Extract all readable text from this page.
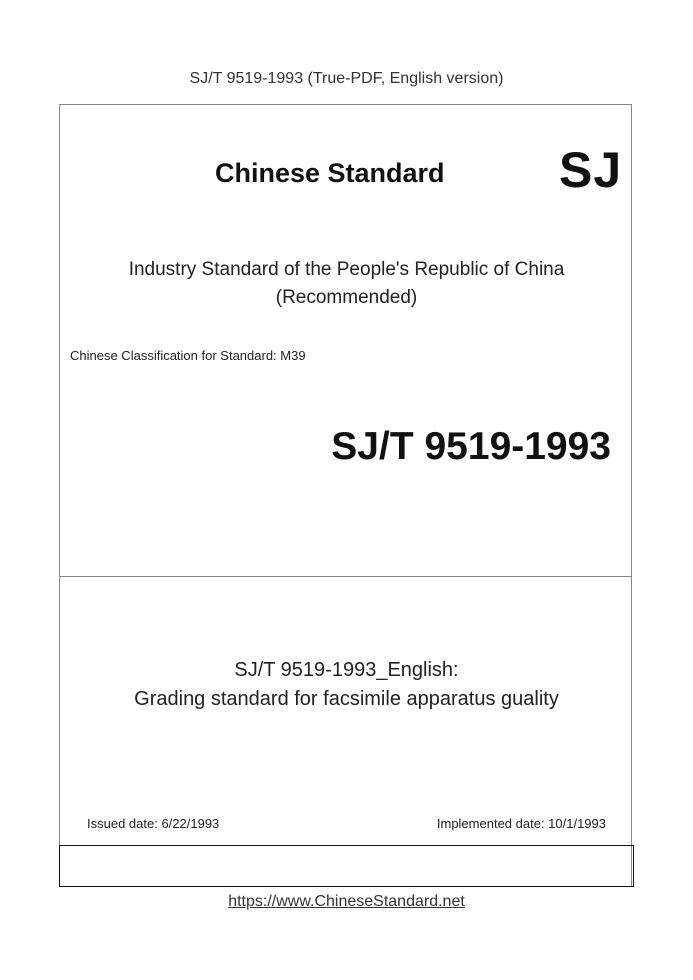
SJ/T 9519-1993 (True-PDF, English version)
Chinese Standard SJ
Industry Standard of the People's Republic of China
(Recommended)
Chinese Classification for Standard: M39
SJ/T 9519-1993
SJ/T 9519-1993_English:
Grading standard for facsimile apparatus guality
Issued date: 6/22/1993	Implemented date: 10/1/1993
https://www.ChineseStandard.net
